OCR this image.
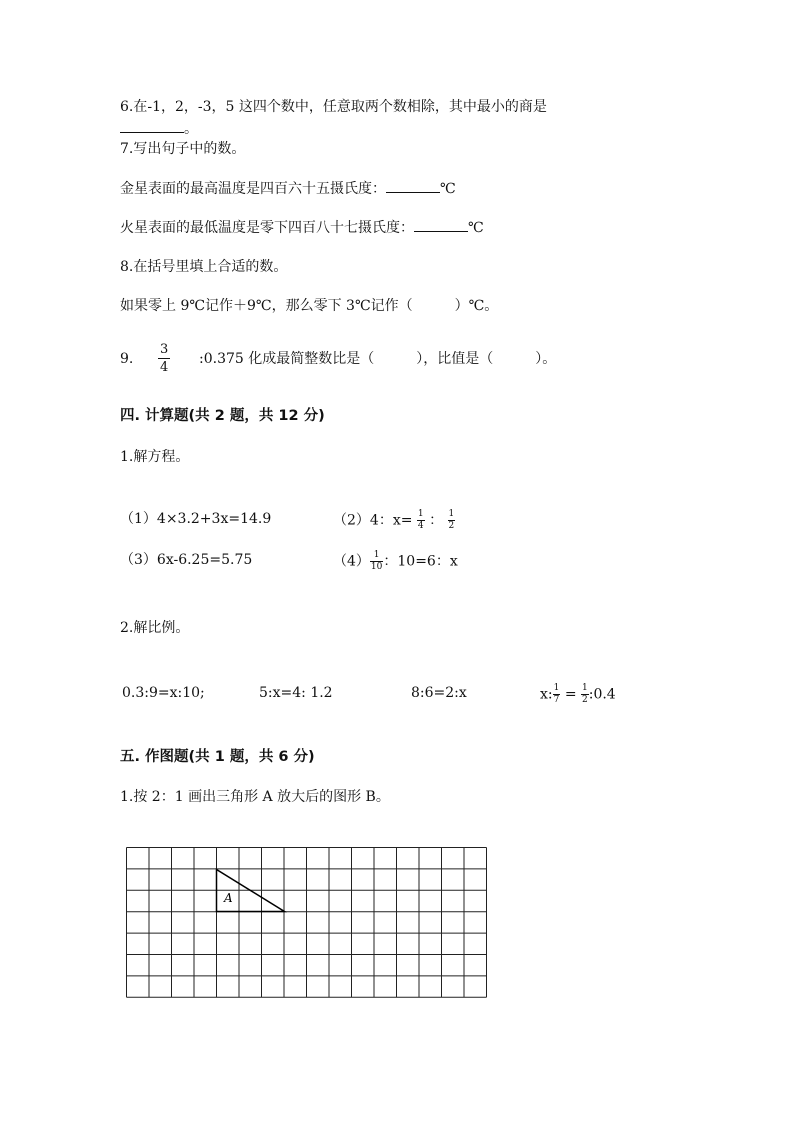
6.在-1，2，-3，5 这四个数中，任意取两个数相除，其中最小的商是
。
7.写出句子中的数。
金星表面的最高温度是四百六十五摄氏度：	℃
火星表面的最低温度是零下四百八十七摄氏度：	℃
8.在括号里填上合适的数。
如果零上 9℃记作＋9℃，那么零下 3℃记作（　　　）℃。
9. $\frac{3}{4}$ :0.375 化成最简整数比是（　　　），比值是（　　　）。
四. 计算题(共 2 题，共 12 分)
1.解方程。
（1）4×3.2+3x=14.9	（2）4：$x= \frac{1}{4}$ ： $\frac{1}{2}$
（3）6x-6.25=5.75	$(4) \frac{1}{10}$ ：10=6：x
2.解比例。
0.3:9=x:10;	5:x=4: 1.2	8:6=2:x	x: $\frac{1}{7} = \frac{1}{2}$ :0.4
五. 作图题(共 1 题，共 6 分)
1.按 2：1 画出三角形 A 放大后的图形 B。
A
